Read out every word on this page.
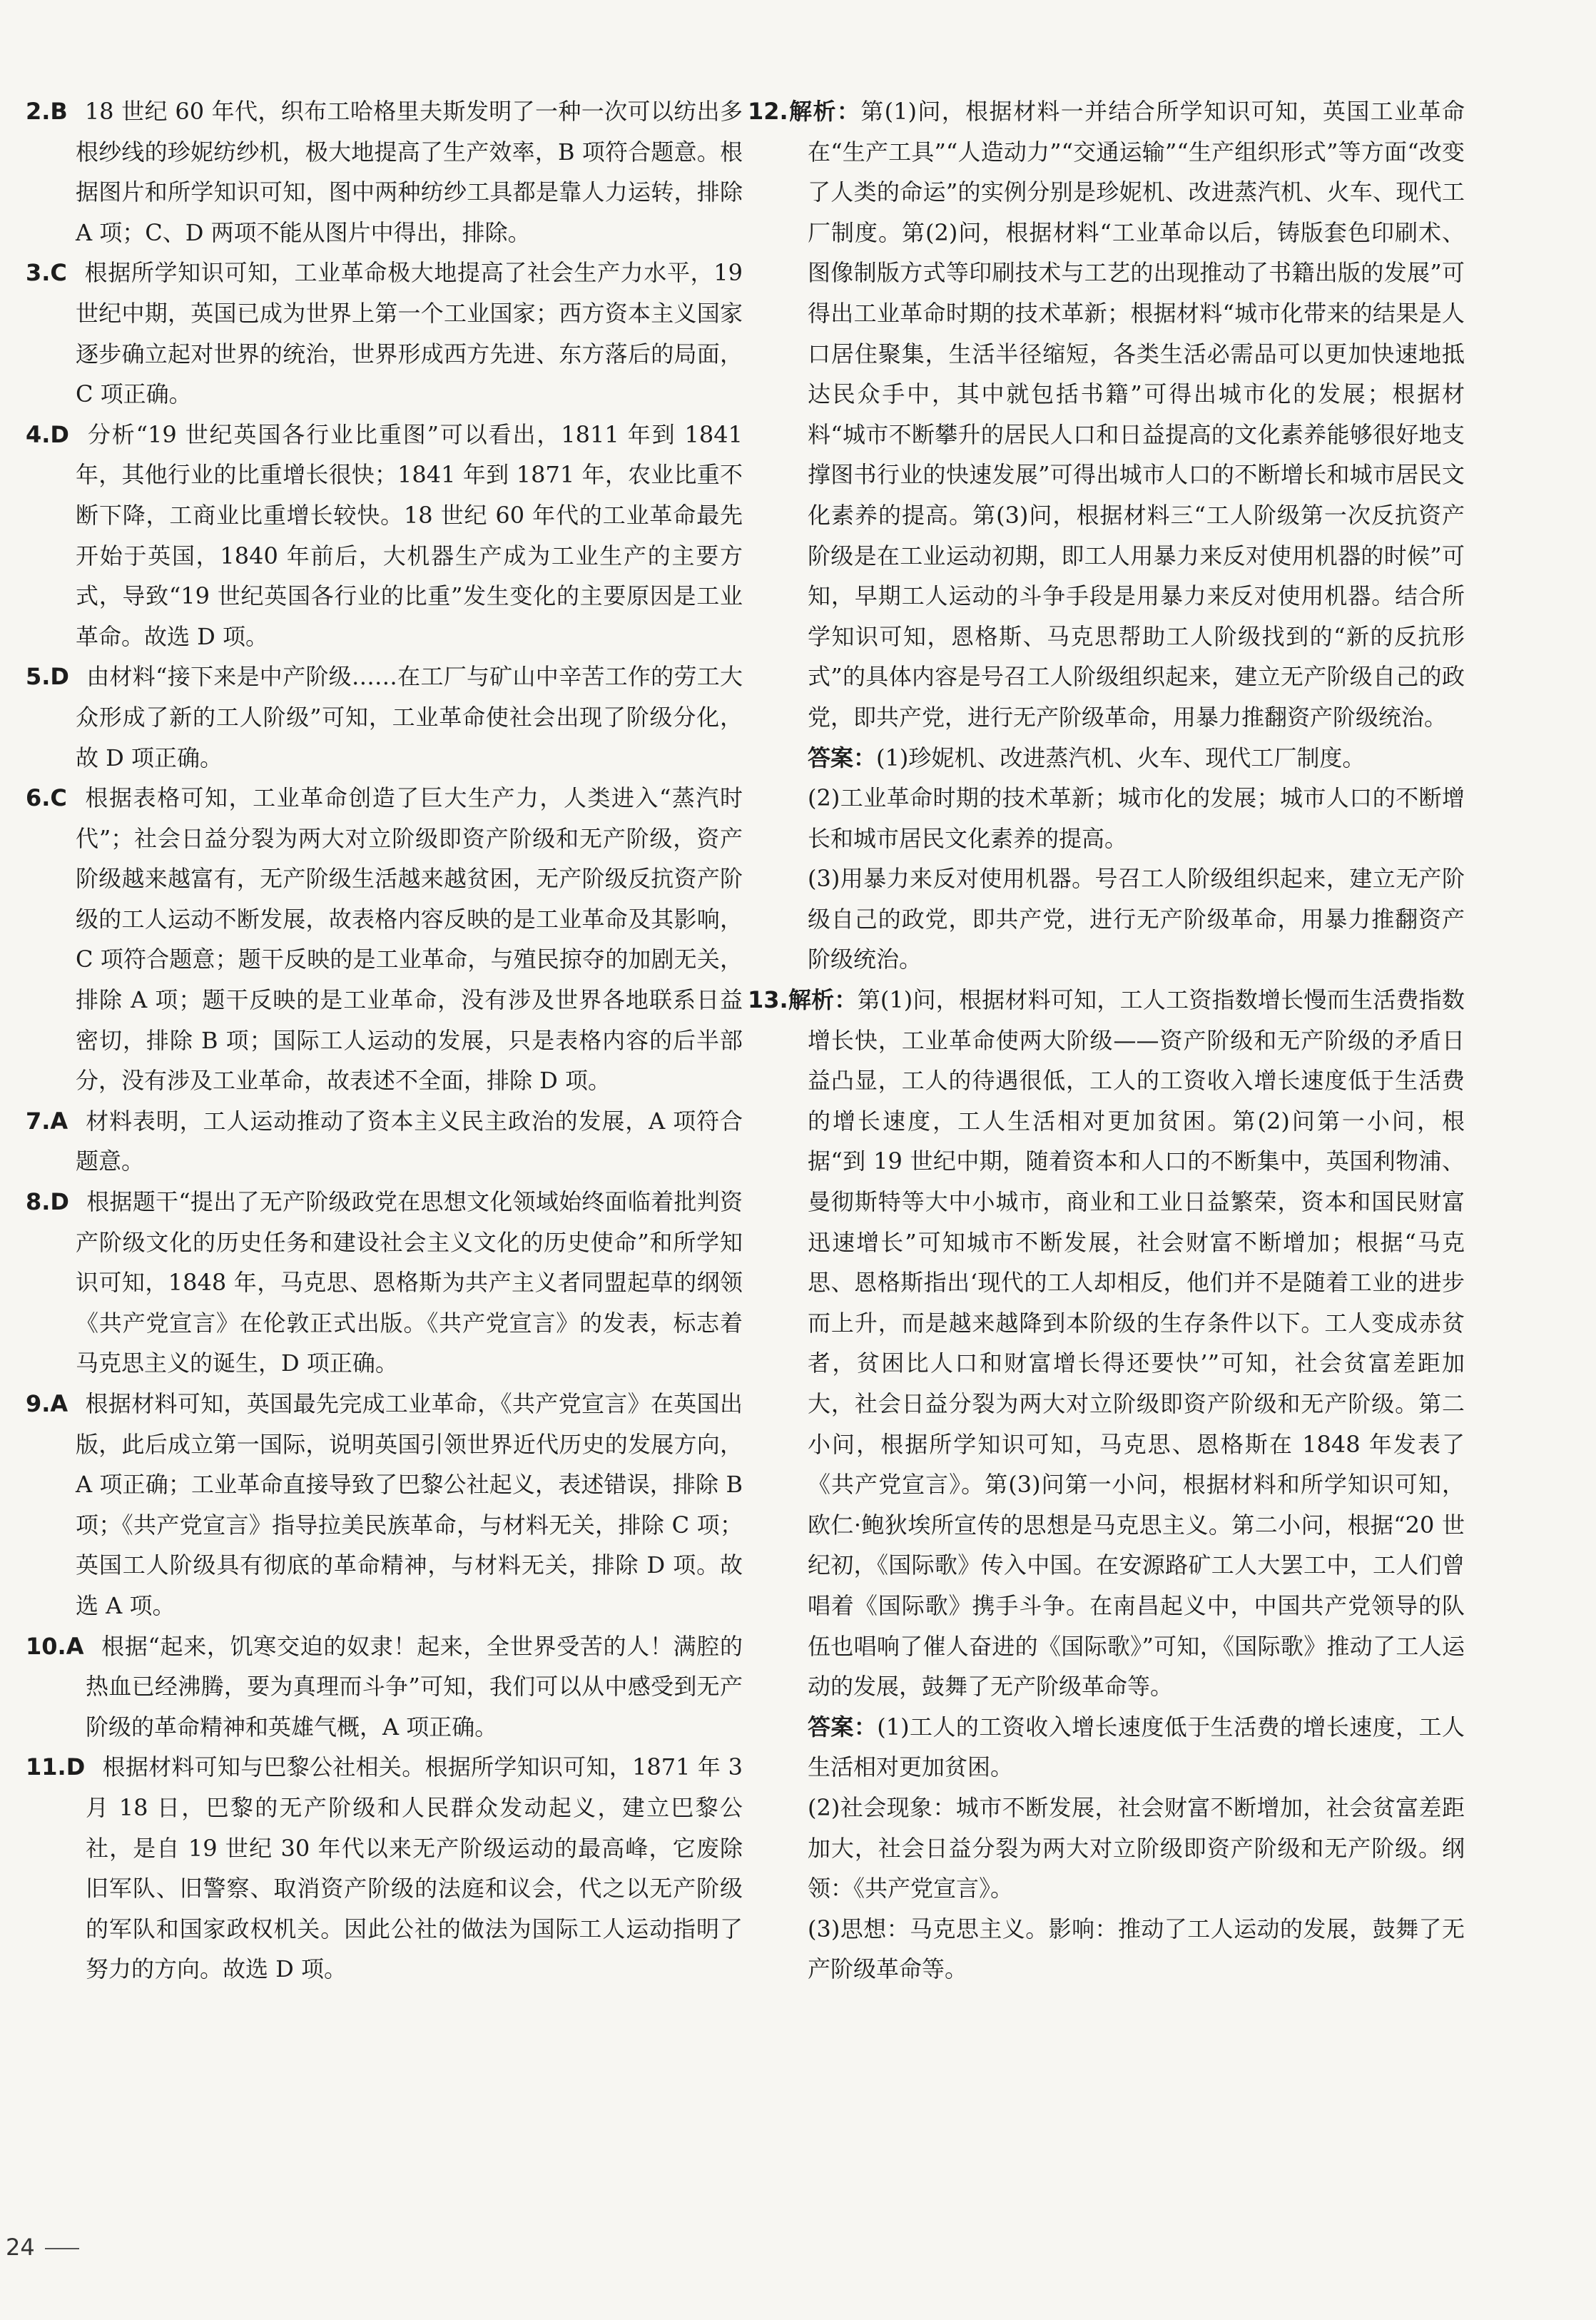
2.B 18 世纪 60 年代，织布工哈格里夫斯发明了一种一次可以纺出多根纱线的珍妮纺纱机，极大地提高了生产效率，B 项符合题意。根据图片和所学知识可知，图中两种纺纱工具都是靠人力运转，排除 A 项；C、D 两项不能从图片中得出，排除。

3.C 根据所学知识可知，工业革命极大地提高了社会生产力水平，19 世纪中期，英国已成为世界上第一个工业国家；西方资本主义国家逐步确立起对世界的统治，世界形成西方先进、东方落后的局面，C 项正确。

4.D 分析“19 世纪英国各行业比重图”可以看出，1811 年到 1841 年，其他行业的比重增长很快；1841 年到 1871 年，农业比重不断下降，工商业比重增长较快。18 世纪 60 年代的工业革命最先开始于英国，1840 年前后，大机器生产成为工业生产的主要方式，导致“19 世纪英国各行业的比重”发生变化的主要原因是工业革命。故选 D 项。

5.D 由材料“接下来是中产阶级……在工厂与矿山中辛苦工作的劳工大众形成了新的工人阶级”可知，工业革命使社会出现了阶级分化，故 D 项正确。

6.C 根据表格可知，工业革命创造了巨大生产力，人类进入“蒸汽时代”；社会日益分裂为两大对立阶级即资产阶级和无产阶级，资产阶级越来越富有，无产阶级生活越来越贫困，无产阶级反抗资产阶级的工人运动不断发展，故表格内容反映的是工业革命及其影响，C 项符合题意；题干反映的是工业革命，与殖民掠夺的加剧无关，排除 A 项；题干反映的是工业革命，没有涉及世界各地联系日益密切，排除 B 项；国际工人运动的发展，只是表格内容的后半部分，没有涉及工业革命，故表述不全面，排除 D 项。

7.A 材料表明，工人运动推动了资本主义民主政治的发展，A 项符合题意。

8.D 根据题干“提出了无产阶级政党在思想文化领域始终面临着批判资产阶级文化的历史任务和建设社会主义文化的历史使命”和所学知识可知，1848 年，马克思、恩格斯为共产主义者同盟起草的纲领《共产党宣言》在伦敦正式出版。《共产党宣言》的发表，标志着马克思主义的诞生，D 项正确。

9.A 根据材料可知，英国最先完成工业革命，《共产党宣言》在英国出版，此后成立第一国际，说明英国引领世界近代历史的发展方向，A 项正确；工业革命直接导致了巴黎公社起义，表述错误，排除 B 项；《共产党宣言》指导拉美民族革命，与材料无关，排除 C 项；英国工人阶级具有彻底的革命精神，与材料无关，排除 D 项。故选 A 项。

10.A 根据“起来，饥寒交迫的奴隶！起来，全世界受苦的人！满腔的热血已经沸腾，要为真理而斗争”可知，我们可以从中感受到无产阶级的革命精神和英雄气概，A 项正确。

11.D 根据材料可知与巴黎公社相关。根据所学知识可知，1871 年 3 月 18 日，巴黎的无产阶级和人民群众发动起义，建立巴黎公社，是自 19 世纪 30 年代以来无产阶级运动的最高峰，它废除旧军队、旧警察、取消资产阶级的法庭和议会，代之以无产阶级的军队和国家政权机关。因此公社的做法为国际工人运动指明了努力的方向。故选 D 项。

12.解析：第(1)问，根据材料一并结合所学知识可知，英国工业革命在“生产工具”“人造动力”“交通运输”“生产组织形式”等方面“改变了人类的命运”的实例分别是珍妮机、改进蒸汽机、火车、现代工厂制度。第(2)问，根据材料“工业革命以后，铸版套色印刷术、图像制版方式等印刷技术与工艺的出现推动了书籍出版的发展”可得出工业革命时期的技术革新；根据材料“城市化带来的结果是人口居住聚集，生活半径缩短，各类生活必需品可以更加快速地抵达民众手中，其中就包括书籍”可得出城市化的发展；根据材料“城市不断攀升的居民人口和日益提高的文化素养能够很好地支撑图书行业的快速发展”可得出城市人口的不断增长和城市居民文化素养的提高。第(3)问，根据材料三“工人阶级第一次反抗资产阶级是在工业运动初期，即工人用暴力来反对使用机器的时候”可知，早期工人运动的斗争手段是用暴力来反对使用机器。结合所学知识可知，恩格斯、马克思帮助工人阶级找到的“新的反抗形式”的具体内容是号召工人阶级组织起来，建立无产阶级自己的政党，即共产党，进行无产阶级革命，用暴力推翻资产阶级统治。

答案：(1)珍妮机、改进蒸汽机、火车、现代工厂制度。
(2)工业革命时期的技术革新；城市化的发展；城市人口的不断增长和城市居民文化素养的提高。
(3)用暴力来反对使用机器。号召工人阶级组织起来，建立无产阶级自己的政党，即共产党，进行无产阶级革命，用暴力推翻资产阶级统治。

13.解析：第(1)问，根据材料可知，工人工资指数增长慢而生活费指数增长快，工业革命使两大阶级——资产阶级和无产阶级的矛盾日益凸显，工人的待遇很低，工人的工资收入增长速度低于生活费的增长速度，工人生活相对更加贫困。第(2)问第一小问，根据“到 19 世纪中期，随着资本和人口的不断集中，英国利物浦、曼彻斯特等大中小城市，商业和工业日益繁荣，资本和国民财富迅速增长”可知城市不断发展，社会财富不断增加；根据“马克思、恩格斯指出‘现代的工人却相反，他们并不是随着工业的进步而上升，而是越来越降到本阶级的生存条件以下。工人变成赤贫者，贫困比人口和财富增长得还要快’”可知，社会贫富差距加大，社会日益分裂为两大对立阶级即资产阶级和无产阶级。第二小问，根据所学知识可知，马克思、恩格斯在 1848 年发表了《共产党宣言》。第(3)问第一小问，根据材料和所学知识可知，欧仁·鲍狄埃所宣传的思想是马克思主义。第二小问，根据“20 世纪初，《国际歌》传入中国。在安源路矿工人大罢工中，工人们曾唱着《国际歌》携手斗争。在南昌起义中，中国共产党领导的队伍也唱响了催人奋进的《国际歌》”可知，《国际歌》推动了工人运动的发展，鼓舞了无产阶级革命等。

答案：(1)工人的工资收入增长速度低于生活费的增长速度，工人生活相对更加贫困。
(2)社会现象：城市不断发展，社会财富不断增加，社会贫富差距加大，社会日益分裂为两大对立阶级即资产阶级和无产阶级。纲领：《共产党宣言》。
(3)思想：马克思主义。影响：推动了工人运动的发展，鼓舞了无产阶级革命等。
24
